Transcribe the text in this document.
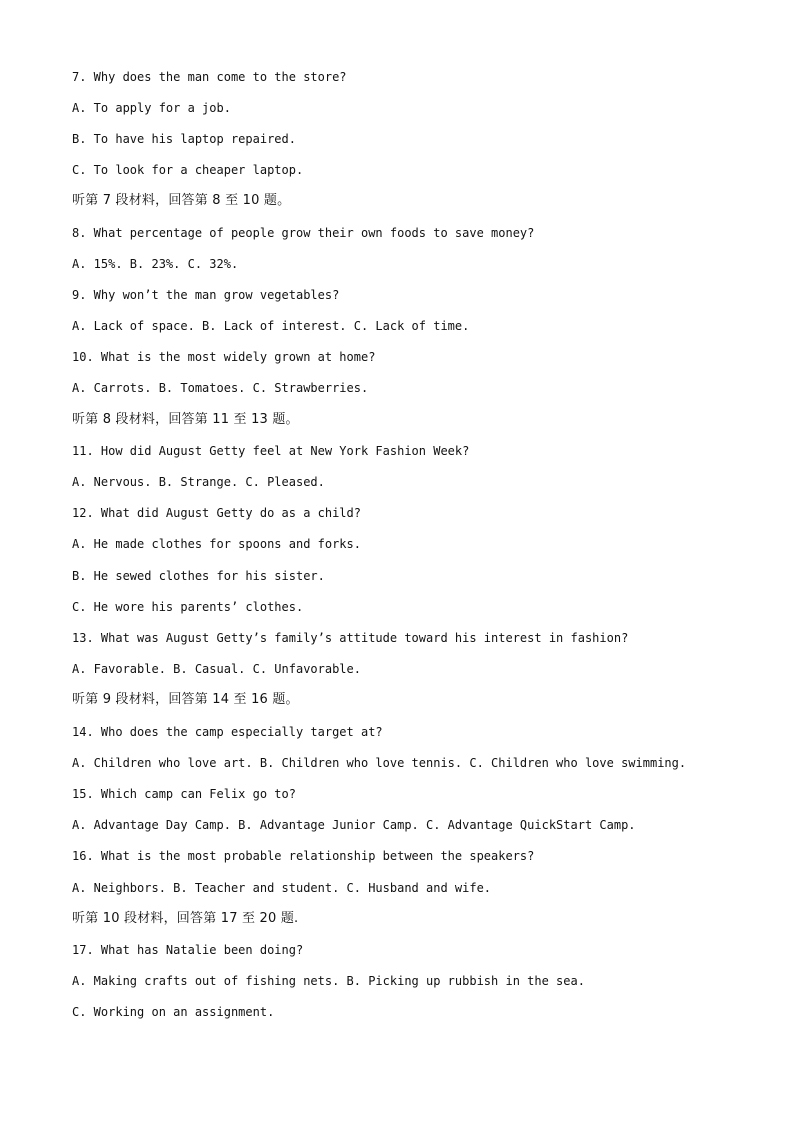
7. Why does the man come to the store?

A. To apply for a job.

B. To have his laptop repaired.

C. To look for a cheaper laptop.

听第 7 段材料，回答第 8 至 10 题。

8. What percentage of people grow their own foods to save money?

A. 15%. B. 23%. C. 32%.

9. Why won’t the man grow vegetables?

A. Lack of space. B. Lack of interest. C. Lack of time.

10. What is the most widely grown at home?

A. Carrots. B. Tomatoes. C. Strawberries.

听第 8 段材料，回答第 11 至 13 题。

11. How did August Getty feel at New York Fashion Week?

A. Nervous. B. Strange. C. Pleased.

12. What did August Getty do as a child?

A. He made clothes for spoons and forks.

B. He sewed clothes for his sister.

C. He wore his parents’ clothes.

13. What was August Getty’s family’s attitude toward his interest in fashion?

A. Favorable. B. Casual. C. Unfavorable.

听第 9 段材料，回答第 14 至 16 题。

14. Who does the camp especially target at?

A. Children who love art. B. Children who love tennis. C. Children who love swimming.

15. Which camp can Felix go to?

A. Advantage Day Camp. B. Advantage Junior Camp. C. Advantage QuickStart Camp.

16. What is the most probable relationship between the speakers?

A. Neighbors. B. Teacher and student. C. Husband and wife.

听第 10 段材料，回答第 17 至 20 题.

17. What has Natalie been doing?

A. Making crafts out of fishing nets. B. Picking up rubbish in the sea.

C. Working on an assignment.
